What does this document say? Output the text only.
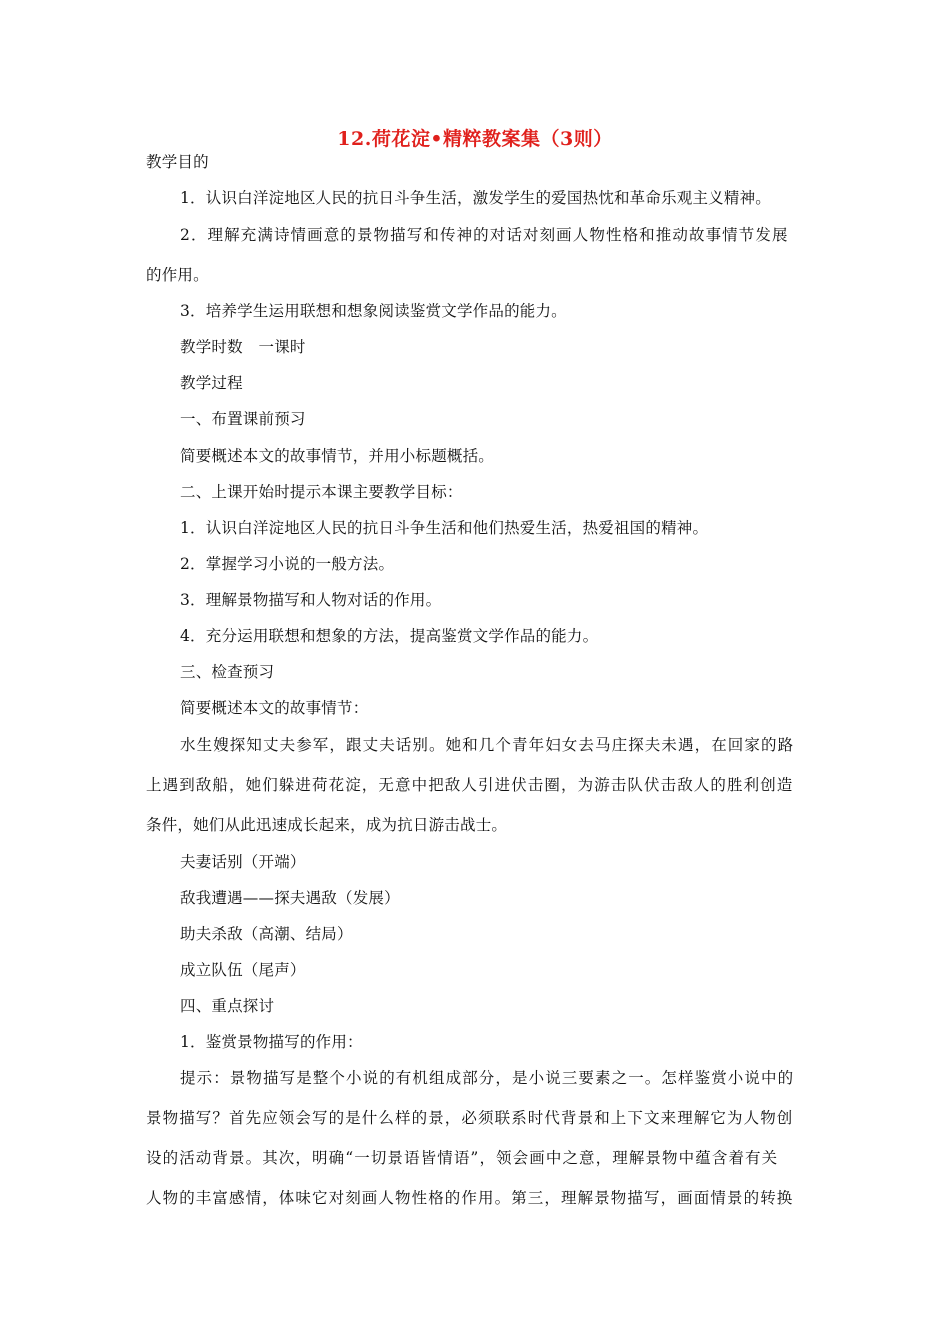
12.荷花淀•精粹教案集（3则）
教学目的
1．认识白洋淀地区人民的抗日斗争生活，激发学生的爱国热忱和革命乐观主义精神。
2．理解充满诗情画意的景物描写和传神的对话对刻画人物性格和推动故事情节发展
的作用。
3．培养学生运用联想和想象阅读鉴赏文学作品的能力。
教学时数　一课时
教学过程
一、布置课前预习
简要概述本文的故事情节，并用小标题概括。
二、上课开始时提示本课主要教学目标：
1．认识白洋淀地区人民的抗日斗争生活和他们热爱生活，热爱祖国的精神。
2．掌握学习小说的一般方法。
3．理解景物描写和人物对话的作用。
4．充分运用联想和想象的方法，提高鉴赏文学作品的能力。
三、检查预习
简要概述本文的故事情节：
水生嫂探知丈夫参军，跟丈夫话别。她和几个青年妇女去马庄探夫未遇，在回家的路
上遇到敌船，她们躲进荷花淀，无意中把敌人引进伏击圈，为游击队伏击敌人的胜利创造
条件，她们从此迅速成长起来，成为抗日游击战士。
夫妻话别（开端）
敌我遭遇——探夫遇敌（发展）
助夫杀敌（高潮、结局）
成立队伍（尾声）
四、重点探讨
1．鉴赏景物描写的作用：
提示：景物描写是整个小说的有机组成部分，是小说三要素之一。怎样鉴赏小说中的
景物描写？首先应领会写的是什么样的景，必须联系时代背景和上下文来理解它为人物创
设的活动背景。其次，明确“一切景语皆情语”，领会画中之意，理解景物中蕴含着有关
人物的丰富感情，体味它对刻画人物性格的作用。第三，理解景物描写，画面情景的转换
